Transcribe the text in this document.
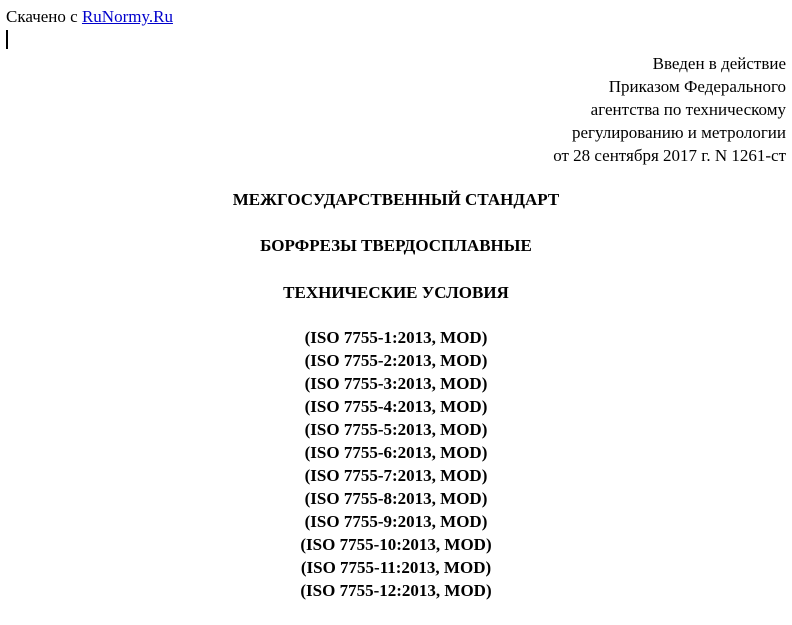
Скачено с RuNormy.Ru
Введен в действие
Приказом Федерального
агентства по техническому
регулированию и метрологии
от 28 сентября 2017 г. N 1261-ст
МЕЖГОСУДАРСТВЕННЫЙ СТАНДАРТ
БОРФРЕЗЫ ТВЕРДОСПЛАВНЫЕ
ТЕХНИЧЕСКИЕ УСЛОВИЯ
(ISO 7755-1:2013, MOD)
(ISO 7755-2:2013, MOD)
(ISO 7755-3:2013, MOD)
(ISO 7755-4:2013, MOD)
(ISO 7755-5:2013, MOD)
(ISO 7755-6:2013, MOD)
(ISO 7755-7:2013, MOD)
(ISO 7755-8:2013, MOD)
(ISO 7755-9:2013, MOD)
(ISO 7755-10:2013, MOD)
(ISO 7755-11:2013, MOD)
(ISO 7755-12:2013, MOD)
